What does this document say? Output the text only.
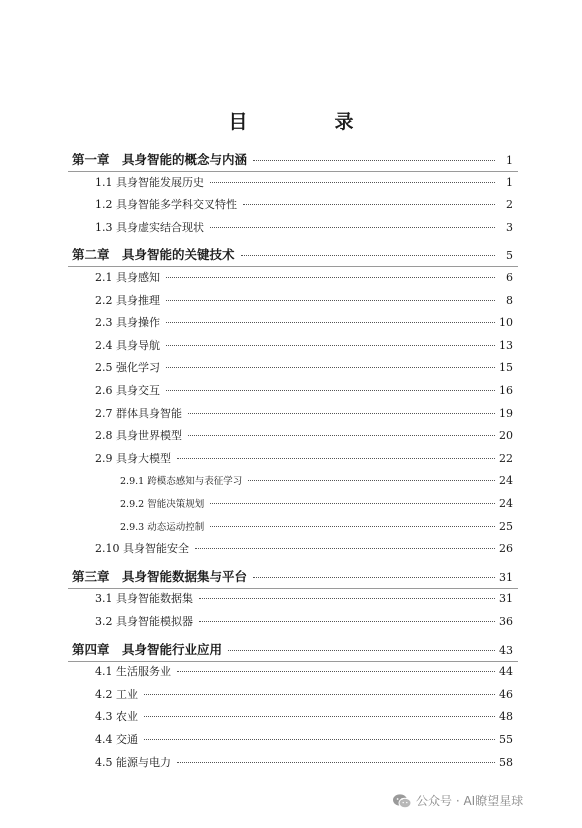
目　录
第一章　具身智能的概念与内涵	1
1.1 具身智能发展历史	1
1.2 具身智能多学科交叉特性	2
1.3 具身虚实结合现状	3
第二章　具身智能的关键技术	5
2.1 具身感知	6
2.2 具身推理	8
2.3 具身操作	10
2.4 具身导航	13
2.5 强化学习	15
2.6 具身交互	16
2.7 群体具身智能	19
2.8 具身世界模型	20
2.9 具身大模型	22
2.9.1 跨模态感知与表征学习	24
2.9.2 智能决策规划	24
2.9.3 动态运动控制	25
2.10 具身智能安全	26
第三章　具身智能数据集与平台	31
3.1 具身智能数据集	31
3.2 具身智能模拟器	36
第四章　具身智能行业应用	43
4.1 生活服务业	44
4.2 工业	46
4.3 农业	48
4.4 交通	55
4.5 能源与电力	58
公众号 · AI瞭望星球
